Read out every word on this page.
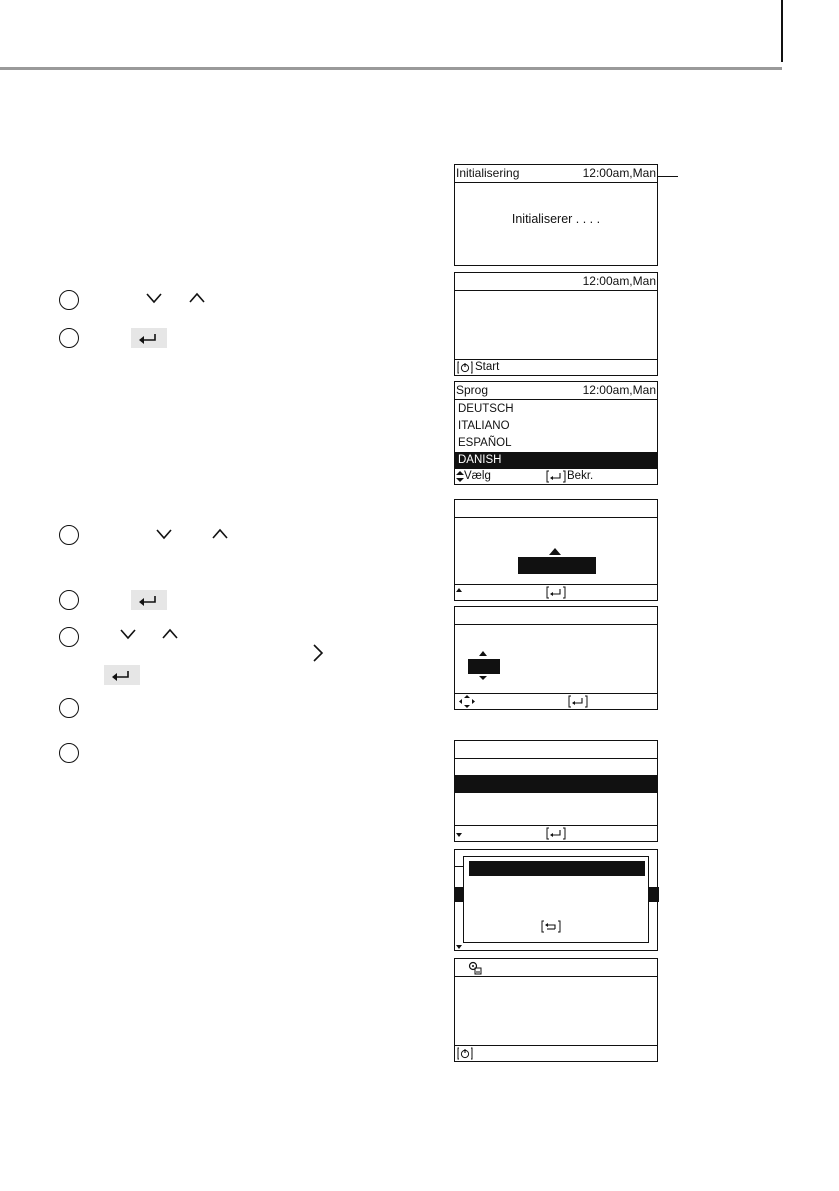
Initialisering	12:00am,Man
Initialiserer . . . .
12:00am,Man
Start
Sprog	12:00am,Man
DEUTSCH
ITALIANO
ESPAÑOL
DANISH
Vælg	Bekr.
